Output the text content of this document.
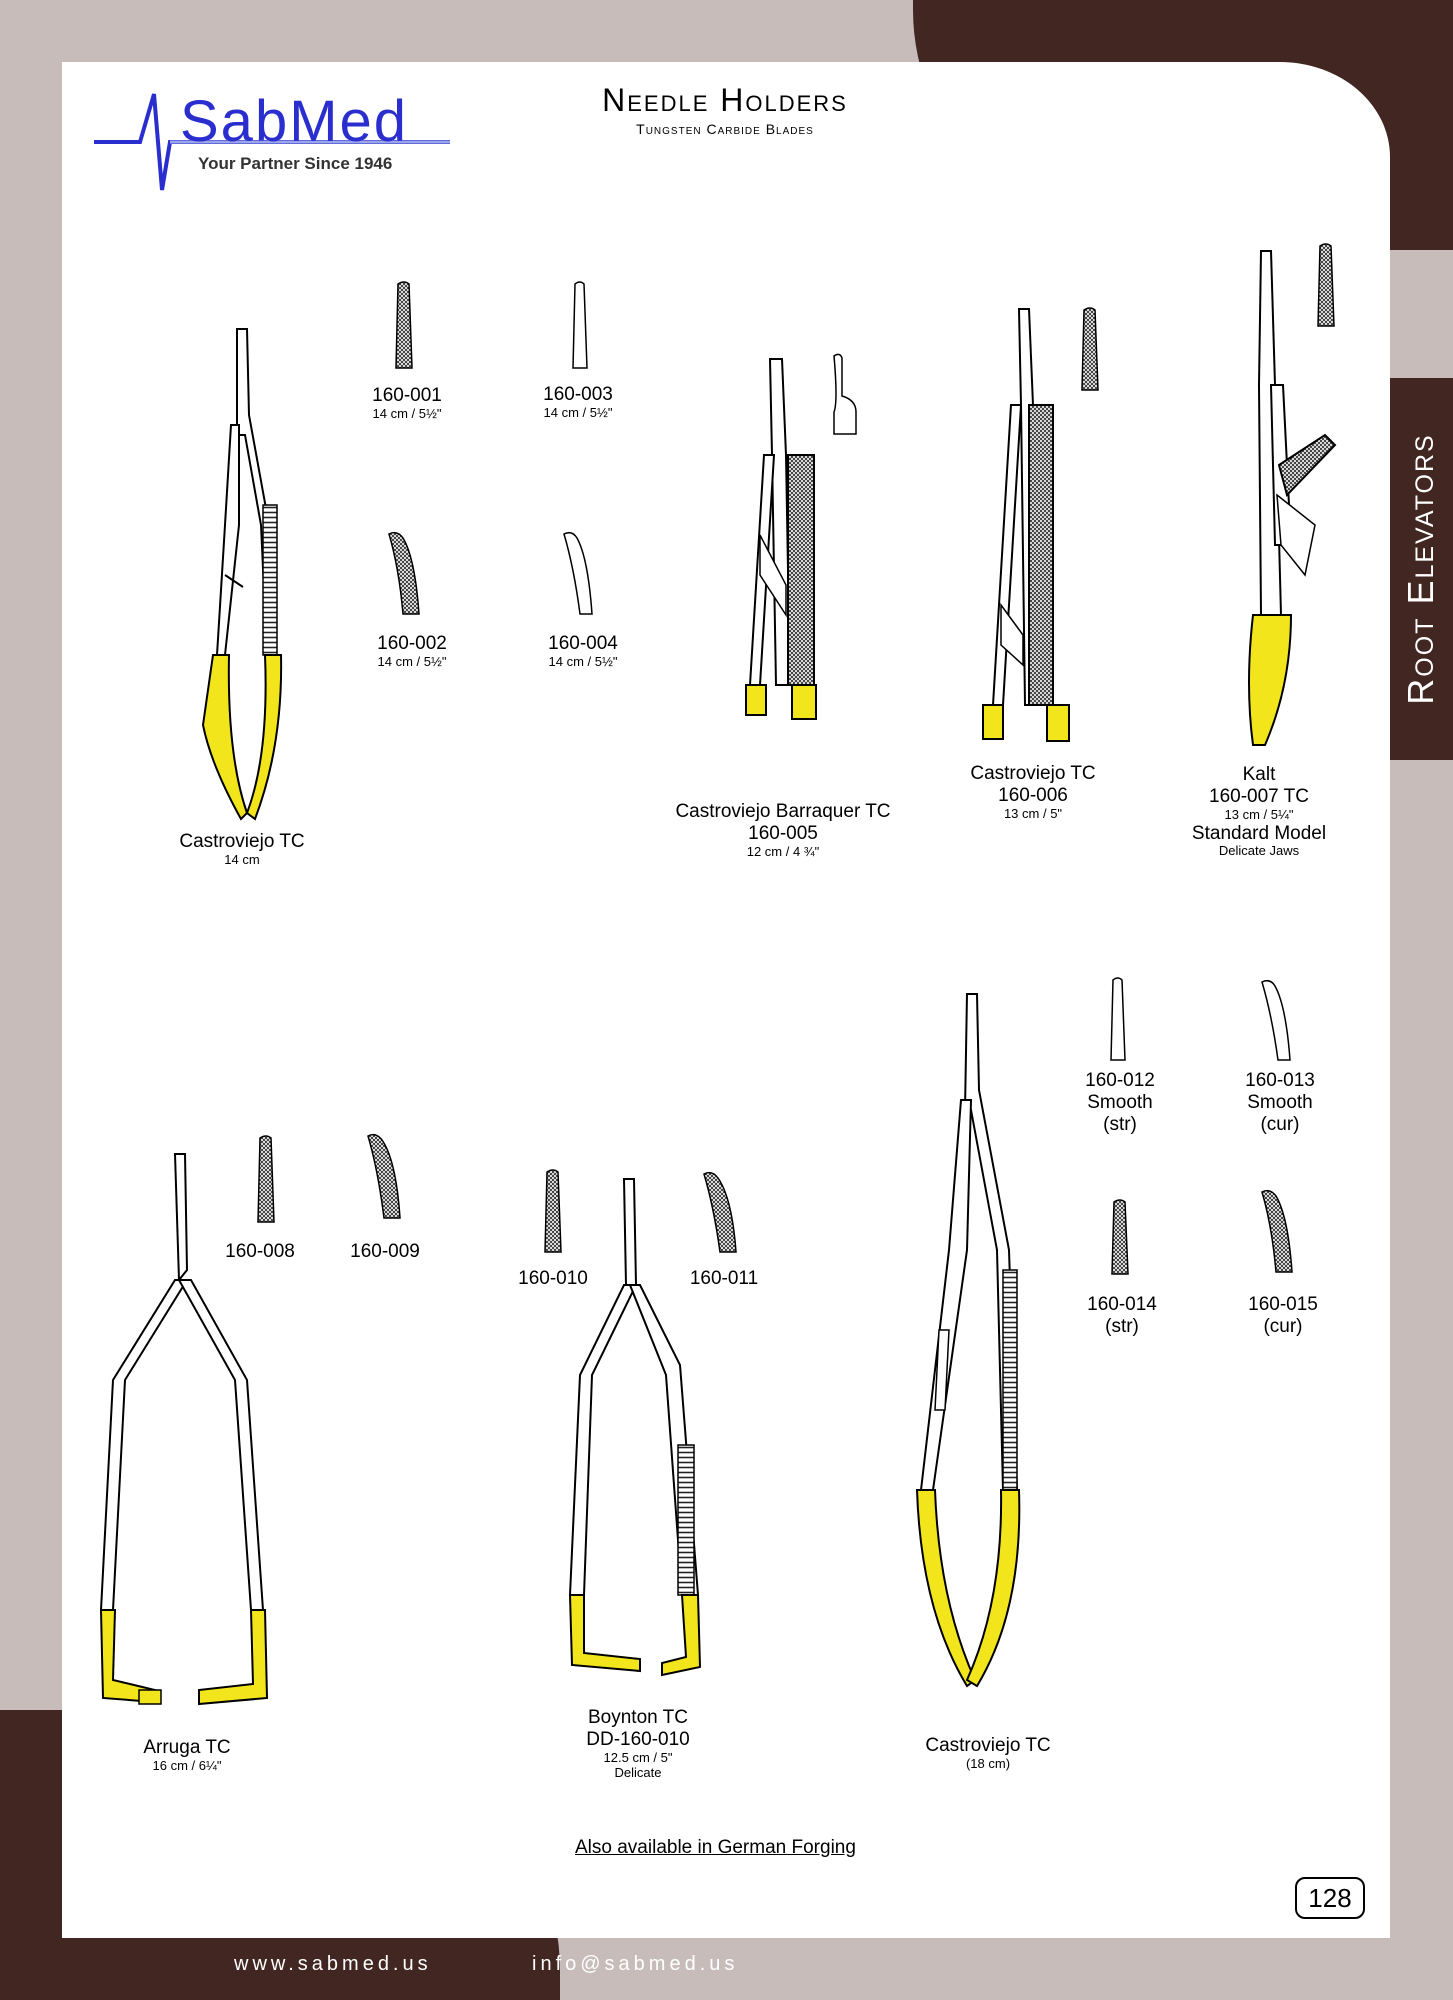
Root Elevators
SabMed
Your Partner Since 1946
Needle Holders
Tungsten Carbide Blades
Castroviejo TC
14 cm
Castroviejo Barraquer TC
160-005
12 cm / 4 ¾"
Castroviejo TC
160-006
13 cm / 5"
Kalt
160-007 TC
13 cm / 5¼"
Standard Model
Delicate Jaws
Arruga TC
16 cm / 6¼"
Boynton TC
DD-160-010
12.5 cm / 5"
Delicate
Castroviejo TC
(18 cm)
160-001
14 cm / 5½"
160-003
14 cm / 5½"
160-002
14 cm / 5½"
160-004
14 cm / 5½"
160-008	160-009
160-010	160-011
160-012
Smooth
(str)
160-013
Smooth
(cur)
160-014
(str)
160-015
(cur)
Also available in German Forging
128
www.sabmed.us	info@sabmed.us
